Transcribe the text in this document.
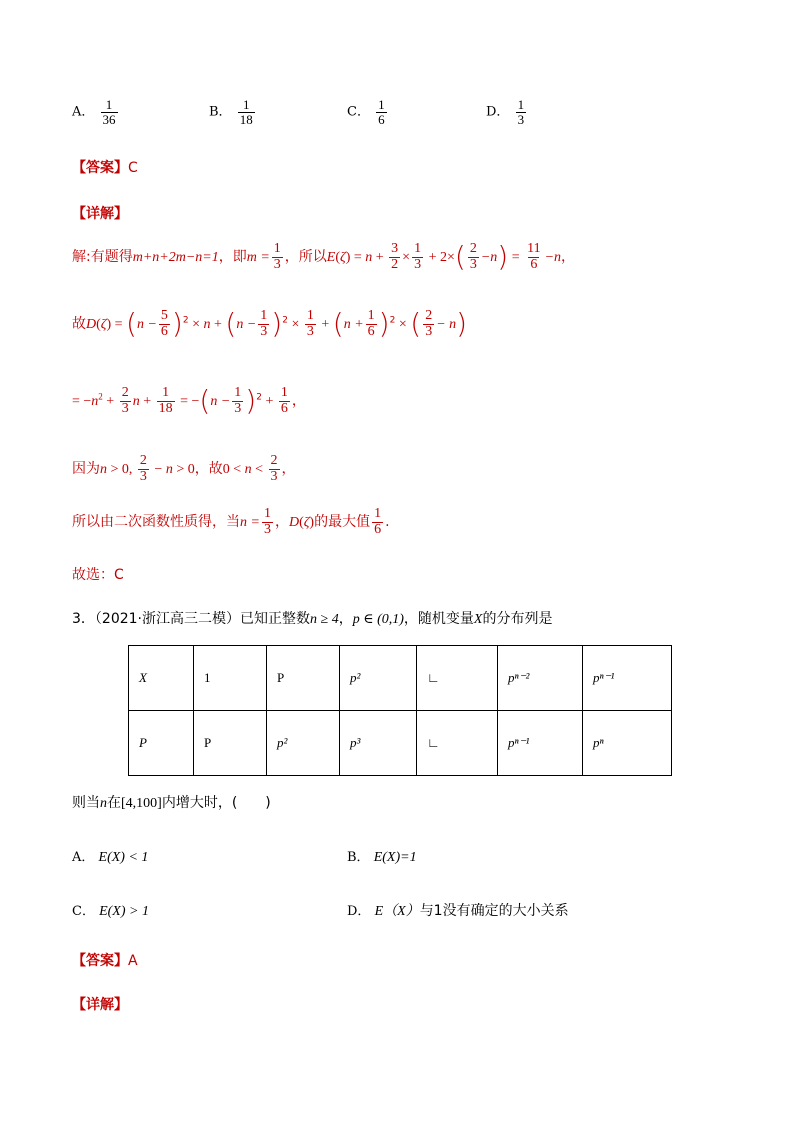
A． $\frac{1}{36}$	B． $\frac{1}{18}$	C． $\frac{1}{6}$	D． $\frac{1}{3}$
【答案】C
【详解】
解:有题得m+n+2m−n=1，即$m = \frac{1}{3}$ ，所以$E(\zeta) = n + \frac{3}{2} \times \frac{1}{3} + 2\times( \frac{2}{3} -n) = \frac{11}{6} -n$，
故$D(\zeta) = (n - \frac{5}{6} )^2 \times n + (n - \frac{1}{3} )^2 \times \frac{1}{3} + (n + \frac{1}{6} )^2$ × ( $\frac{2}{3} - n$)
= $-n^2 + \frac{2}{3}$ $n + \frac{1}{18} = -(n - \frac{1}{3} )^2 + \frac{1}{6}$ ，
因为n > 0, $\frac{2}{3} - n > 0$，故$0 < n < \frac{2}{3}$ ，
所以由二次函数性质得，当$n = \frac{1}{3}$ ，D(ζ)的最大值 $\frac{1}{6}$ .
故选：C
3．（2021·浙江高三二模）已知正整数n ≥ 4，p ∈ (0,1)，随机变量X的分布列是
X	1	P	p²	∟	pⁿ⁻²	pⁿ⁻¹
P	P	p²	p³	∟	pⁿ⁻¹	pⁿ
则当n在[4,100]内增大时，(　　)
A． E(X) < 1	B． E(X)=1
C． E(X) > 1	D． E（X）与1没有确定的大小关系
【答案】A
【详解】
